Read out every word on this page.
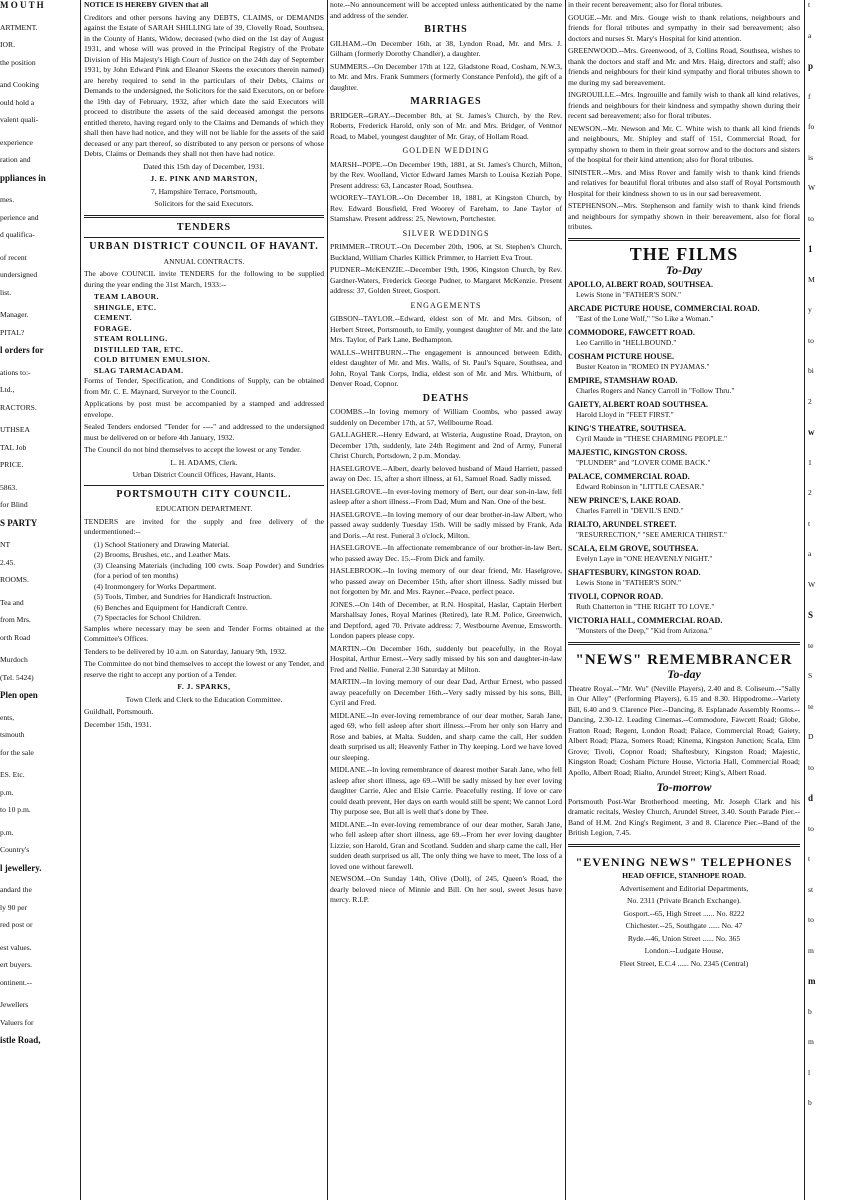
M O U T H
ARTMENT.
IOR.
the position
and Cooking
ould hold a
valent quali-
experience
ration and
ppliances in
mes.
perience and
d qualifica-
of recent
undersigned
list.
Manager.
PITAL?
l orders for
ations to:-
Ltd.,
RACTORS.
UTHSEA
TAL Job
PRICE.
5863.
for Blind
S PARTY
NT
2.45.
ROOMS.
Tea and
from Mrs.
orth Road
Murdoch
(Tel. 5424)
Plen open
ents,
tsmouth
for the sale
ES. Etc.
p.m.
to 10 p.m.
p.m.
Country's
l jewellery.
andard the
ly 90 per
red post or
est values.
ert buyers.
ontinent.--
Jewellers
Valuers for
istle Road,

NOTICE IS HEREBY GIVEN that all

Creditors and other persons having any DEBTS, CLAIMS, or DEMANDS against the Estate of SARAH SHILLING late of 39, Clovelly Road, Southsea, in the County of Hants, Widow, deceased (who died on the 1st day of August 1931, and whose will was proved in the Principal Registry of the Probate Division of His Majesty's High Court of Justice on the 24th day of September 1931, by John Edward Pink and Eleanor Skeens the executors therein named) are hereby required to send in the particulars of their Debts, Claims or Demands to the undersigned, the Solicitors for the said Executors, on or before the 19th day of February, 1932, after which date the said Executors will proceed to distribute the assets of the said deceased amongst the persons entitled thereto, having regard only to the Claims and Demands of which they shall then have had notice, and they will not be liable for the assets of the said deceased or any part thereof, so distributed to any person or persons of whose Debts, Claims or Demands they shall not then have had notice.

Dated this 15th day of December, 1931.

J. E. PINK AND MARSTON,

7, Hampshire Terrace, Portsmouth,

Solicitors for the said Executors.

TENDERS
URBAN DISTRICT COUNCIL OF HAVANT.

ANNUAL CONTRACTS.

The above COUNCIL invite TENDERS for the following to be supplied during the year ending the 31st March, 1933:--

TEAM LABOUR.

SHINGLE, ETC.

CEMENT.

FORAGE.

STEAM ROLLING.

DISTILLED TAR, ETC.

COLD BITUMEN EMULSION.

SLAG TARMACADAM.

Forms of Tender, Specification, and Conditions of Supply, can be obtained from Mr. C. E. Maynard, Surveyor to the Council.

Applications by post must be accompanied by a stamped and addressed envelope.

Sealed Tenders endorsed "Tender for ----" and addressed to the undersigned must be delivered on or before 4th January, 1932.

The Council do not bind themselves to accept the lowest or any Tender.

L. H. ADAMS, Clerk.

Urban District Council Offices, Havant, Hants.

PORTSMOUTH CITY COUNCIL.

EDUCATION DEPARTMENT.

TENDERS are invited for the supply and free delivery of the undermentioned:--

(1) School Stationery and Drawing Material.

(2) Brooms, Brushes, etc., and Leather Mats.

(3) Cleansing Materials (including 100 cwts. Soap Powder) and Sundries (for a period of ten months)

(4) Ironmongery for Works Department.

(5) Tools, Timber, and Sundries for Handicraft Instruction.

(6) Benches and Equipment for Handicraft Centre.

(7) Spectacles for School Children.

Samples where necessary may be seen and Tender Forms obtained at the Committee's Offices.

Tenders to be delivered by 10 a.m. on Saturday, January 9th, 1932.

The Committee do not bind themselves to accept the lowest or any Tender, and reserve the right to accept any portion of a Tender.

F. J. SPARKS,

Town Clerk and Clerk to the Education Committee.

Guildhall, Portsmouth.

December 15th, 1931.

note.--No announcement will be accepted unless authenticated by the name and address of the sender.

BIRTHS

GILHAM.--On December 16th, at 38, Lyndon Road, Mr. and Mrs. J. Gilham (formerly Dorothy Chandler), a daughter.

SUMMERS.--On December 17th at 122, Gladstone Road, Cosham, N.W.3, to Mr. and Mrs. Frank Summers (formerly Constance Penfold), the gift of a daughter.

MARRIAGES

BRIDGER--GRAY.--December 8th, at St. James's Church, by the Rev. Roberts, Frederick Harold, only son of Mr. and Mrs. Bridger, of Ventnor Road, to Mabel, youngest daughter of Mr. Gray, of Hollam Road.

GOLDEN WEDDING

MARSH--POPE.--On December 19th, 1881, at St. James's Church, Milton, by the Rev. Woolland, Victor Edward James Marsh to Louisa Keziah Pope. Present address: 63, Lancaster Road, Southsea.

WOOREY--TAYLOR.--On December 18, 1881, at Kingston Church, by Rev. Edward Bousfield, Fred Woorey of Fareham, to Jane Taylor of Stamshaw. Present address: 25, Newtown, Portchester.

SILVER WEDDINGS

PRIMMER--TROUT.--On December 20th, 1906, at St. Stephen's Church, Buckland, William Charles Killick Primmer, to Harriett Eva Trout.

PUDNER--McKENZIE.--December 19th, 1906, Kingston Church, by Rev. Gardner-Waters, Frederick George Pudner, to Margaret McKenzie. Present address: 37, Golden Street, Gosport.

ENGAGEMENTS

GIBSON--TAYLOR.--Edward, eldest son of Mr. and Mrs. Gibson, of Herbert Street, Portsmouth, to Emily, youngest daughter of Mr. and the late Mrs. Taylor, of Park Lane, Bedhampton.

WALLS--WHITBURN.--The engagement is announced between Edith, eldest daughter of Mr. and Mrs. Walls, of St. Paul's Square, Southsea, and John, Royal Tank Corps, India, eldest son of Mr. and Mrs. Whitburn, of Denver Road, Copnor.

DEATHS

COOMBS.--In loving memory of William Coombs, who passed away suddenly on December 17th, at 57, Wellbourne Road.

GALLAGHER.--Henry Edward, at Wisteria, Augustine Road, Drayton, on December 17th, suddenly, late 24th Regiment and 2nd of Army, Funeral Christ Church, Portsdown, 2 p.m. Monday.

HASELGROVE.--Albert, dearly beloved husband of Maud Harriett, passed away on Dec. 15, after a short illness, at 61, Samuel Road. Sadly missed.

HASELGROVE.--In ever-loving memory of Bert, our dear son-in-law, fell asleep after a short illness.--From Dad, Mum and Nan. One of the best.

HASELGROVE.--In loving memory of our dear brother-in-law Albert, who passed away suddenly Tuesday 15th. Will be sadly missed by Frank, Ada and Doris.--At rest. Funeral 3 o'clock, Milton.

HASELGROVE.--In affectionate remembrance of our brother-in-law Bert, who passed away Dec. 15.--From Dick and family.

HASLEBROOK.--In loving memory of our dear friend, Mr. Haselgrove, who passed away on December 15th, after short illness. Sadly missed but not forgotten by Mr. and Mrs. Rayner.--Peace, perfect peace.

JONES.--On 14th of December, at R.N. Hospital, Haslar, Captain Herbert Marshallsay Jones, Royal Marines (Retired), late R.M. Police, Greenwich, and Deptford, aged 70. Private address: 7, Westbourne Avenue, Emsworth. London papers please copy.

MARTIN.--On December 16th, suddenly but peacefully, in the Royal Hospital, Arthur Ernest.--Very sadly missed by his son and daughter-in-law Fred and Nellie. Funeral 2.30 Saturday at Milton.

MARTIN.--In loving memory of our dear Dad, Arthur Ernest, who passed away peacefully on December 16th.--Very sadly missed by his sons, Bill, Cyril and Fred.

MIDLANE.--In ever-loving remembrance of our dear mother, Sarah Jane, aged 69, who fell asleep after short illness.--From her only son Harry and Rose and babies, at Malta. Sudden, and sharp came the call, Her sudden death surprised us all; Heavenly Father in Thy keeping. Lord we have loved our sleeping.

MIDLANE.--In loving remembrance of dearest mother Sarah Jane, who fell asleep after short illness, age 69.--Will be sadly missed by her ever loving daughter Carrie, Alec and Elsie Carrie. Peacefully resting. If love or care could death prevent, Her days on earth would still be spent; We cannot Lord Thy purpose see, But all is well that's done by Thee.

MIDLANE.--In ever-loving remembrance of our dear mother, Sarah Jane, who fell asleep after short illness, age 69.--From her ever loving daughter Lizzie, son Harold, Gran and Scotland. Sudden and sharp came the call, Her sudden death surprised us all, The only thing we have to meet, The loss of a loved one without farewell.

NEWSOM.--On Sunday 14th, Olive (Doll), of 245, Queen's Road, the dearly beloved niece of Minnie and Bill. On her soul, sweet Jesus have mercy. R.I.P.

in their recent bereavement; also for floral tributes.

GOUGE.--Mr. and Mrs. Gouge wish to thank relations, neighbours and friends for floral tributes and sympathy in their sad bereavement; also doctors and nurses St. Mary's Hospital for kind attention.

GREENWOOD.--Mrs. Greenwood, of 3, Collins Road, Southsea, wishes to thank the doctors and staff and Mr. and Mrs. Haig, directors and staff; also friends and neighbours for their kind sympathy and floral tributes shown to me during my sad bereavement.

INGROUILLE.--Mrs. Ingrouille and family wish to thank all kind relatives, friends and neighbours for their kindness and sympathy shown during their recent sad bereavement; also for floral tributes.

NEWSON.--Mr. Newson and Mr. C. White wish to thank all kind friends and neighbours, Mr. Shipley and staff of 151, Commercial Road, for sympathy shown to them in their great sorrow and to the doctors and sisters of the hospital for their kind attention; also for floral tributes.

SINISTER.--Mrs. and Miss Rover and family wish to thank kind friends and relatives for beautiful floral tributes and also staff of Royal Portsmouth Hospital for their kindness shown to us in our sad bereavement.

STEPHENSON.--Mrs. Stephenson and family wish to thank kind friends and neighbours for sympathy shown in their bereavement, also for floral tributes.

THE FILMS
To-Day
APOLLO, ALBERT ROAD, SOUTHSEA.
Lewis Stone in "FATHER'S SON."
ARCADE PICTURE HOUSE, COMMERCIAL ROAD.
"East of the Lone Wolf," "So Like a Woman."
COMMODORE, FAWCETT ROAD.
Leo Carrillo in "HELLBOUND."
COSHAM PICTURE HOUSE.
Buster Keaton in "ROMEO IN PYJAMAS."
EMPIRE, STAMSHAW ROAD.
Charles Rogers and Nancy Carroll in "Follow Thru."
GAIETY, ALBERT ROAD SOUTHSEA.
Harold Lloyd in "FEET FIRST."
KING'S THEATRE, SOUTHSEA.
Cyril Maude in "THESE CHARMING PEOPLE."
MAJESTIC, KINGSTON CROSS.
"PLUNDER" and "LOVER COME BACK."
PALACE, COMMERCIAL ROAD.
Edward Robinson in "LITTLE CAESAR."
NEW PRINCE'S, LAKE ROAD.
Charles Farrell in "DEVIL'S END."
RIALTO, ARUNDEL STREET.
"RESURRECTION," "SEE AMERICA THIRST."
SCALA, ELM GROVE, SOUTHSEA.
Evelyn Laye in "ONE HEAVENLY NIGHT."
SHAFTESBURY, KINGSTON ROAD.
Lewis Stone in "FATHER'S SON."
TIVOLI, COPNOR ROAD.
Ruth Chatterton in "THE RIGHT TO LOVE."
VICTORIA HALL, COMMERCIAL ROAD.
"Monsters of the Deep," "Kid from Arizona."
"NEWS" REMEMBRANCER
To-day

Theatre Royal.--"Mr. Wu" (Neville Players), 2.40 and 8. Coliseum.--"Sally in Our Alley" (Performing Players), 6.15 and 8.30. Hippodrome.--Variety Bill, 6.40 and 9. Clarence Pier.--Dancing, 8. Esplanade Assembly Rooms.--Dancing, 2.30-12. Leading Cinemas.--Commodore, Fawcett Road; Globe, Fratton Road; Regent, London Road; Palace, Commercial Road; Gaiety, Albert Road; Plaza, Somers Road; Kinema, Kingston Junction; Scala, Elm Grove; Tivoli, Copnor Road; Shaftesbury, Kingston Road; Majestic, Kingston Road; Cosham Picture House, Victoria Hall, Commercial Road; Apollo, Albert Road; Rialto, Arundel Street; King's, Albert Road.

To-morrow

Portsmouth Post-War Brotherhood meeting, Mr. Joseph Clark and his dramatic recitals, Wesley Church, Arundel Street, 3.40. South Parade Pier.--Band of H.M. 2nd King's Regiment, 3 and 8. Clarence Pier.--Band of the British Legion, 7.45.

"EVENING NEWS" TELEPHONES

HEAD OFFICE, STANHOPE ROAD.

Advertisement and Editorial Departments,

No. 2311 (Private Branch Exchange).

Gosport.--65, High Street ...... No. 8222

Chichester.--25, Southgate ...... No. 47

Ryde.--46, Union Street ...... No. 365

London.--Ludgate House,

Fleet Street, E.C.4 ...... No. 2345 (Central)

t
a
p
f
fo
is
W
to
1
M
y
to
bi
2
w
1
2
t
a
W
S
te
S
te
D
to
d
to
t
st
to
m
m
b
m
l
b
